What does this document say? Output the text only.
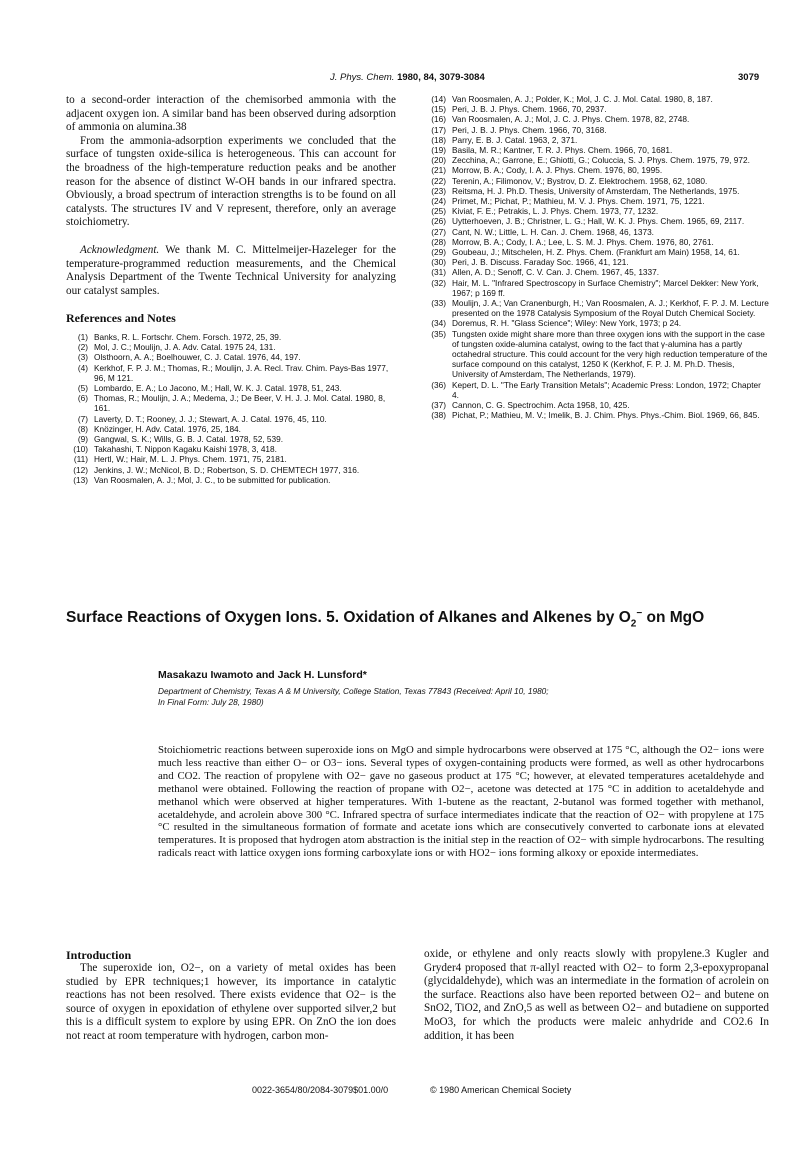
J. Phys. Chem. 1980, 84, 3079-3084	3079

to a second-order interaction of the chemisorbed ammonia with the adjacent oxygen ion. A similar band has been observed during adsorption of ammonia on alumina.38

From the ammonia-adsorption experiments we concluded that the surface of tungsten oxide-silica is heterogeneous. This can account for the broadness of the high-temperature reduction peaks and be another reason for the absence of distinct W-OH bands in our infrared spectra. Obviously, a broad spectrum of interaction strengths is to be found on all catalysts. The structures IV and V represent, therefore, only an average stoichiometry.

Acknowledgment. We thank M. C. Mittelmeijer-Hazeleger for the temperature-programmed reduction measurements, and the Chemical Analysis Department of the Twente Technical University for analyzing our catalyst samples.

References and Notes
(1) Banks, R. L. Fortschr. Chem. Forsch. 1972, 25, 39.
(2) Mol, J. C.; Moulijn, J. A. Adv. Catal. 1975 24, 131.
(3) Olsthoorn, A. A.; Boelhouwer, C. J. Catal. 1976, 44, 197.
(4) Kerkhof, F. P. J. M.; Thomas, R.; Moulijn, J. A. Recl. Trav. Chim. Pays-Bas 1977, 96, M 121.
(5) Lombardo, E. A.; Lo Jacono, M.; Hall, W. K. J. Catal. 1978, 51, 243.
(6) Thomas, R.; Moulijn, J. A.; Medema, J.; De Beer, V. H. J. J. Mol. Catal. 1980, 8, 161.
(7) Laverty, D. T.; Rooney, J. J.; Stewart, A. J. Catal. 1976, 45, 110.
(8) Knözinger, H. Adv. Catal. 1976, 25, 184.
(9) Gangwal, S. K.; Wills, G. B. J. Catal. 1978, 52, 539.
(10) Takahashi, T. Nippon Kagaku Kaishi 1978, 3, 418.
(11) Hertl, W.; Hair, M. L. J. Phys. Chem. 1971, 75, 2181.
(12) Jenkins, J. W.; McNicol, B. D.; Robertson, S. D. CHEMTECH 1977, 316.
(13) Van Roosmalen, A. J.; Mol, J. C., to be submitted for publication.
(14) Van Roosmalen, A. J.; Polder, K.; Mol, J. C. J. Mol. Catal. 1980, 8, 187.
(15) Peri, J. B. J. Phys. Chem. 1966, 70, 2937.
(16) Van Roosmalen, A. J.; Mol, J. C. J. Phys. Chem. 1978, 82, 2748.
(17) Peri, J. B. J. Phys. Chem. 1966, 70, 3168.
(18) Parry, E. B. J. Catal. 1963, 2, 371.
(19) Basila, M. R.; Kantner, T. R. J. Phys. Chem. 1966, 70, 1681.
(20) Zecchina, A.; Garrone, E.; Ghiotti, G.; Coluccia, S. J. Phys. Chem. 1975, 79, 972.
(21) Morrow, B. A.; Cody, I. A. J. Phys. Chem. 1976, 80, 1995.
(22) Terenin, A.; Filimonov, V.; Bystrov, D. Z. Elektrochem. 1958, 62, 1080.
(23) Reitsma, H. J. Ph.D. Thesis, University of Amsterdam, The Netherlands, 1975.
(24) Primet, M.; Pichat, P.; Mathieu, M. V. J. Phys. Chem. 1971, 75, 1221.
(25) Kiviat, F. E.; Petrakis, L. J. Phys. Chem. 1973, 77, 1232.
(26) Uytterhoeven, J. B.; Christner, L. G.; Hall, W. K. J. Phys. Chem. 1965, 69, 2117.
(27) Cant, N. W.; Little, L. H. Can. J. Chem. 1968, 46, 1373.
(28) Morrow, B. A.; Cody, I. A.; Lee, L. S. M. J. Phys. Chem. 1976, 80, 2761.
(29) Goubeau, J.; Mitschelen, H. Z. Phys. Chem. (Frankfurt am Main) 1958, 14, 61.
(30) Peri, J. B. Discuss. Faraday Soc. 1966, 41, 121.
(31) Allen, A. D.; Senoff, C. V. Can. J. Chem. 1967, 45, 1337.
(32) Hair, M. L. "Infrared Spectroscopy in Surface Chemistry"; Marcel Dekker: New York, 1967; p 169 ff.
(33) Moulijn, J. A.; Van Cranenburgh, H.; Van Roosmalen, A. J.; Kerkhof, F. P. J. M. Lecture presented on the 1978 Catalysis Symposium of the Royal Dutch Chemical Society.
(34) Doremus, R. H. "Glass Science"; Wiley: New York, 1973; p 24.
(35) Tungsten oxide might share more than three oxygen ions with the support in the case of tungsten oxide-alumina catalyst, owing to the fact that γ-alumina has a partly octahedral structure. This could account for the very high reduction temperature of the surface compound on this catalyst, 1250 K (Kerkhof, F. P. J. M. Ph.D. Thesis, University of Amsterdam, The Netherlands, 1979).
(36) Kepert, D. L. "The Early Transition Metals"; Academic Press: London, 1972; Chapter 4.
(37) Cannon, C. G. Spectrochim. Acta 1958, 10, 425.
(38) Pichat, P.; Mathieu, M. V.; Imelik, B. J. Chim. Phys. Phys.-Chim. Biol. 1969, 66, 845.
Surface Reactions of Oxygen Ions. 5. Oxidation of Alkanes and Alkenes by $O_2^-$ on MgO
Masakazu Iwamoto and Jack H. Lunsford*
Department of Chemistry, Texas A & M University, College Station, Texas 77843 (Received: April 10, 1980;
In Final Form: July 28, 1980)
Stoichiometric reactions between superoxide ions on MgO and simple hydrocarbons were observed at 175 °C, although the O2− ions were much less reactive than either O− or O3− ions. Several types of oxygen-containing products were formed, as well as other hydrocarbons and CO2. The reaction of propylene with O2− gave no gaseous product at 175 °C; however, at elevated temperatures acetaldehyde and methanol were obtained. Following the reaction of propane with O2−, acetone was detected at 175 °C in addition to acetaldehyde and methanol which were observed at higher temperatures. With 1-butene as the reactant, 2-butanol was formed together with methanol, acetaldehyde, and acrolein above 300 °C. Infrared spectra of surface intermediates indicate that the reaction of O2− with propylene at 175 °C resulted in the simultaneous formation of formate and acetate ions which are consecutively converted to carbonate ions at elevated temperatures. It is proposed that hydrogen atom abstraction is the initial step in the reaction of O2− with simple hydrocarbons. The resulting radicals react with lattice oxygen ions forming carboxylate ions or with HO2− ions forming alkoxy or epoxide intermediates.
Introduction
The superoxide ion, O2−, on a variety of metal oxides has been studied by EPR techniques;1 however, its importance in catalytic reactions has not been resolved. There exists evidence that O2− is the source of oxygen in epoxidation of ethylene over supported silver,2 but this is a difficult system to explore by using EPR. On ZnO the ion does not react at room temperature with hydrogen, carbon mon-
oxide, or ethylene and only reacts slowly with propylene.3 Kugler and Gryder4 proposed that π-allyl reacted with O2− to form 2,3-epoxypropanal (glycidaldehyde), which was an intermediate in the formation of acrolein on the surface. Reactions also have been reported between O2− and butene on SnO2, TiO2, and ZnO,5 as well as between O2− and butadiene on supported MoO3, for which the products were maleic anhydride and CO2.6 In addition, it has been
0022-3654/80/2084-3079$01.00/0	© 1980 American Chemical Society
